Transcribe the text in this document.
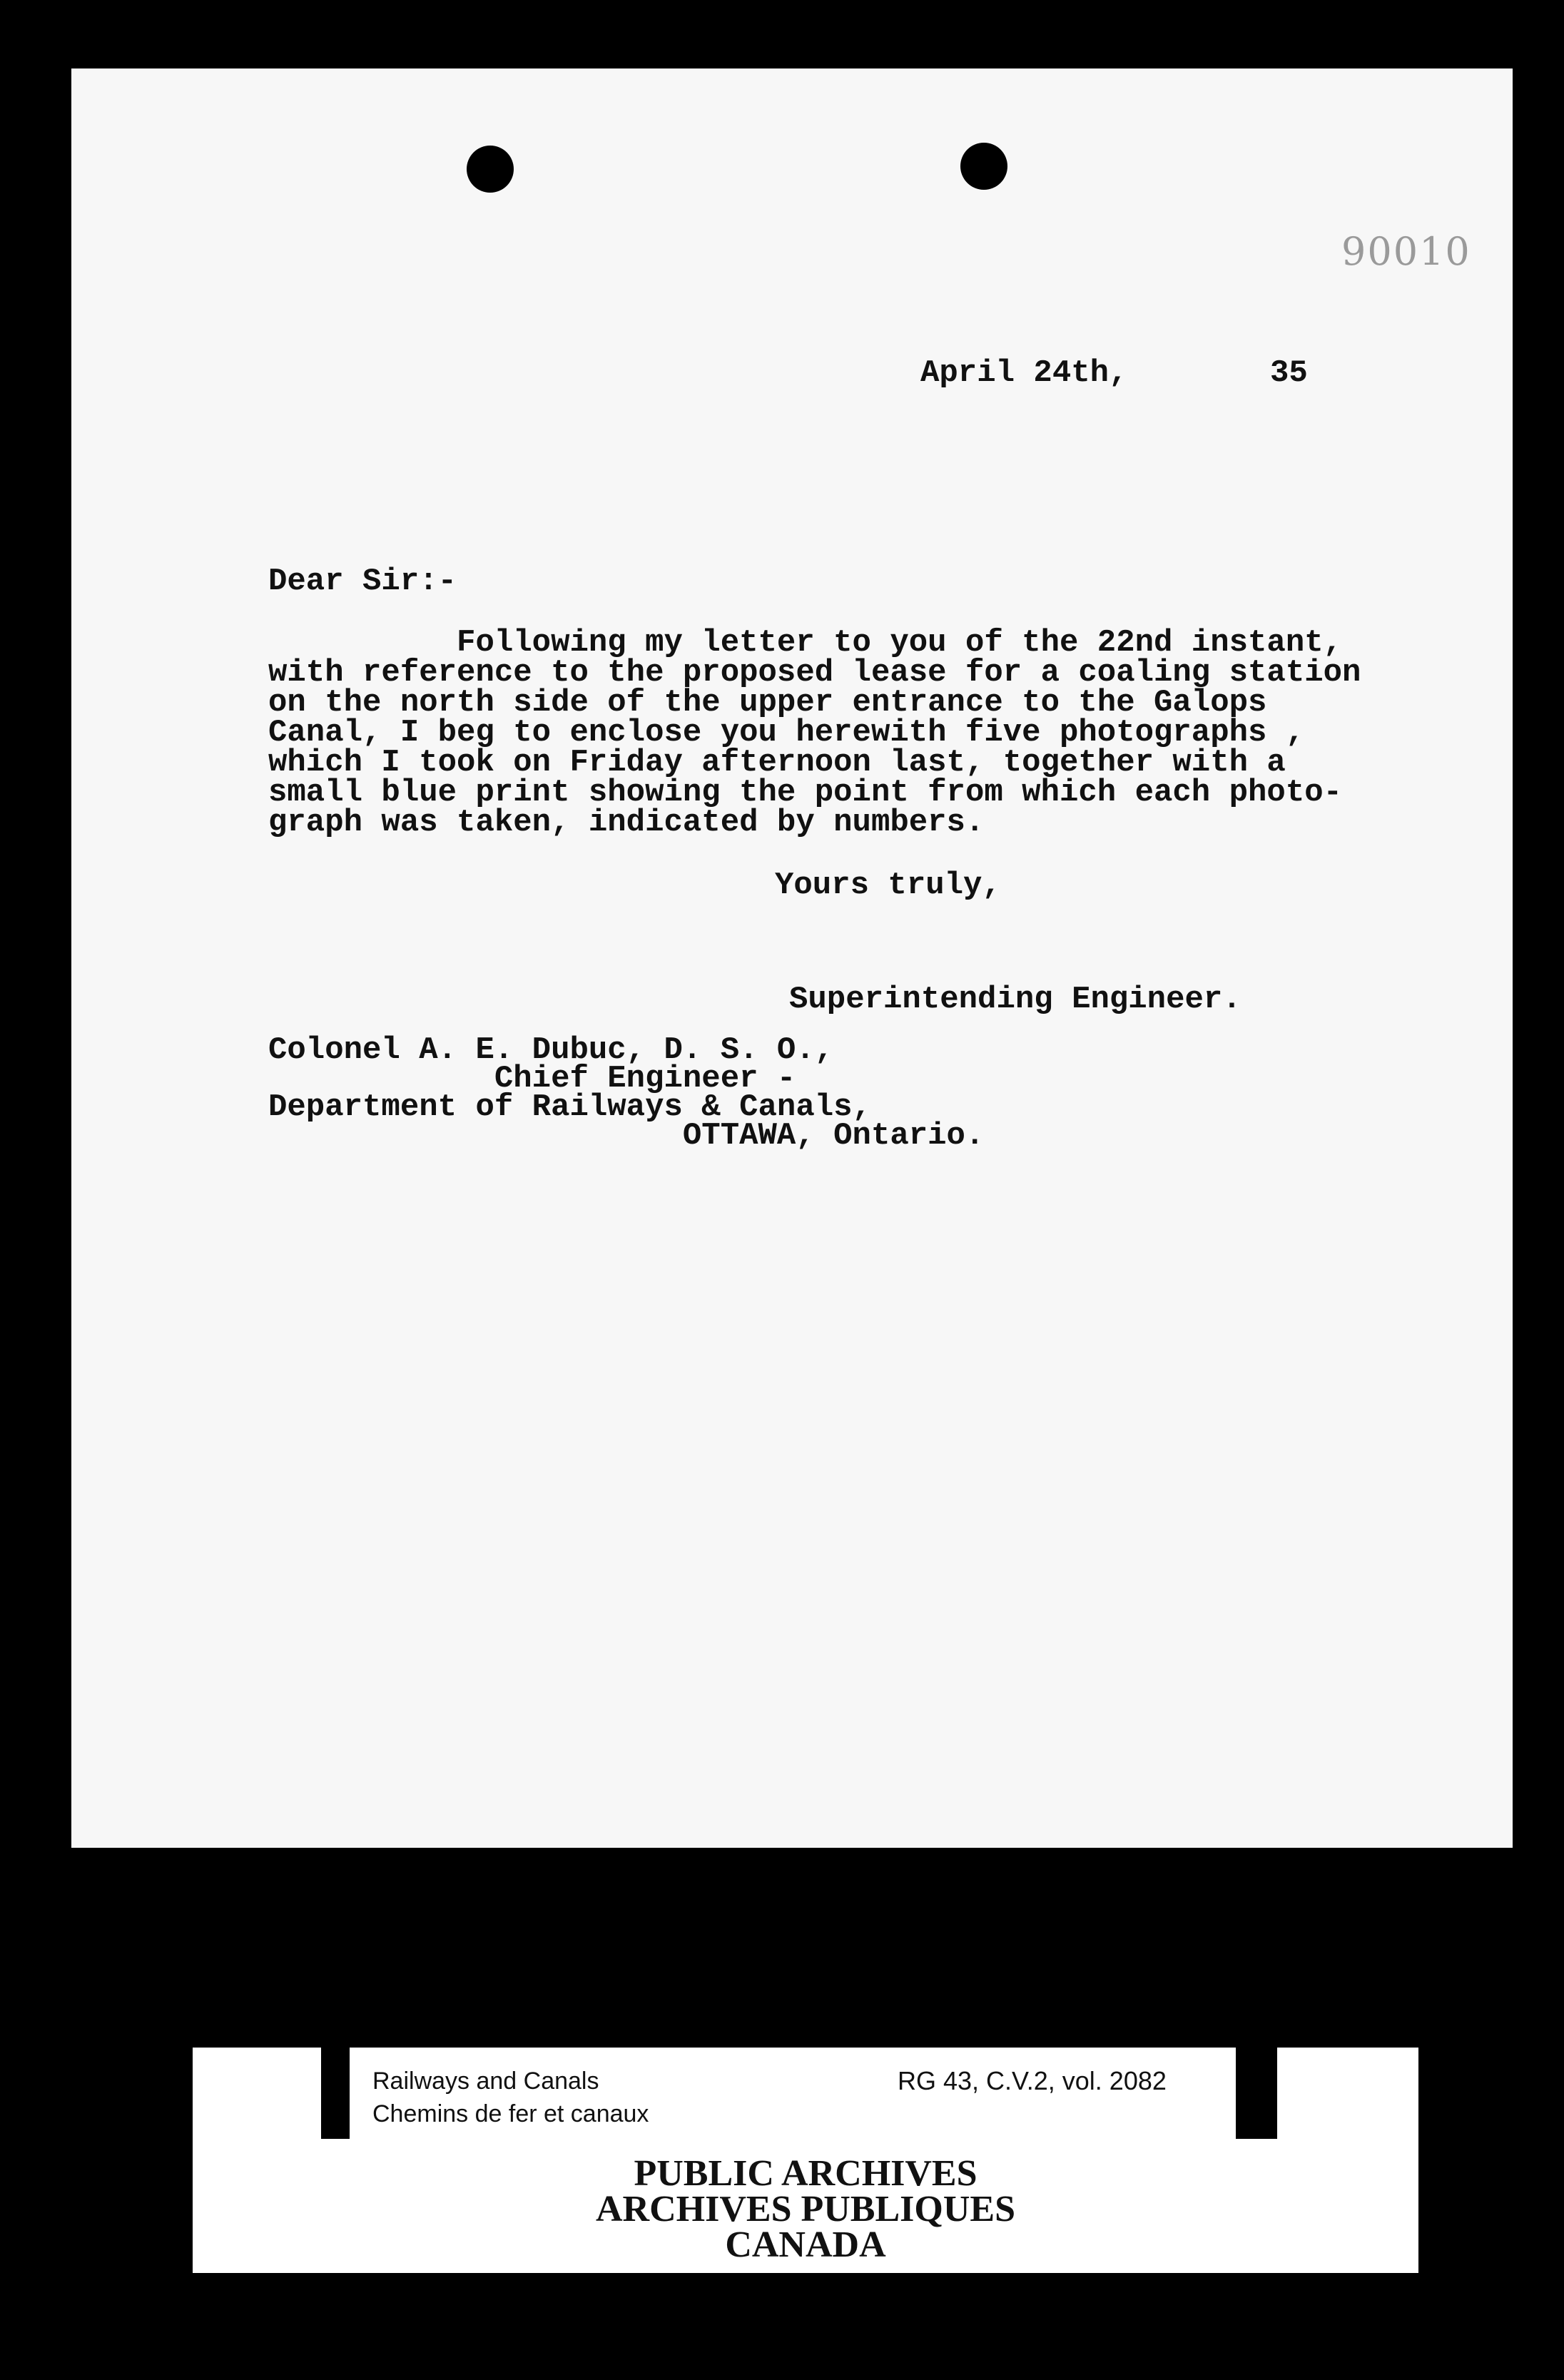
90010
April 24th,	35
Dear Sir:-
Following my letter to you of the 22nd instant,
with reference to the proposed lease for a coaling station
on the north side of the upper entrance to the Galops
Canal, I beg to enclose you herewith five photographs ,
which I took on Friday afternoon last, together with a
small blue print showing the point from which each photo-
graph was taken, indicated by numbers.
Yours truly,
Superintending Engineer.
Colonel A. E. Dubuc, D. S. O.,
Chief Engineer -
Department of Railways & Canals,
OTTAWA, Ontario.
Railways and Canals
Chemins de fer et canaux
RG 43, C.V.2, vol. 2082
PUBLIC ARCHIVES
ARCHIVES PUBLIQUES
CANADA
